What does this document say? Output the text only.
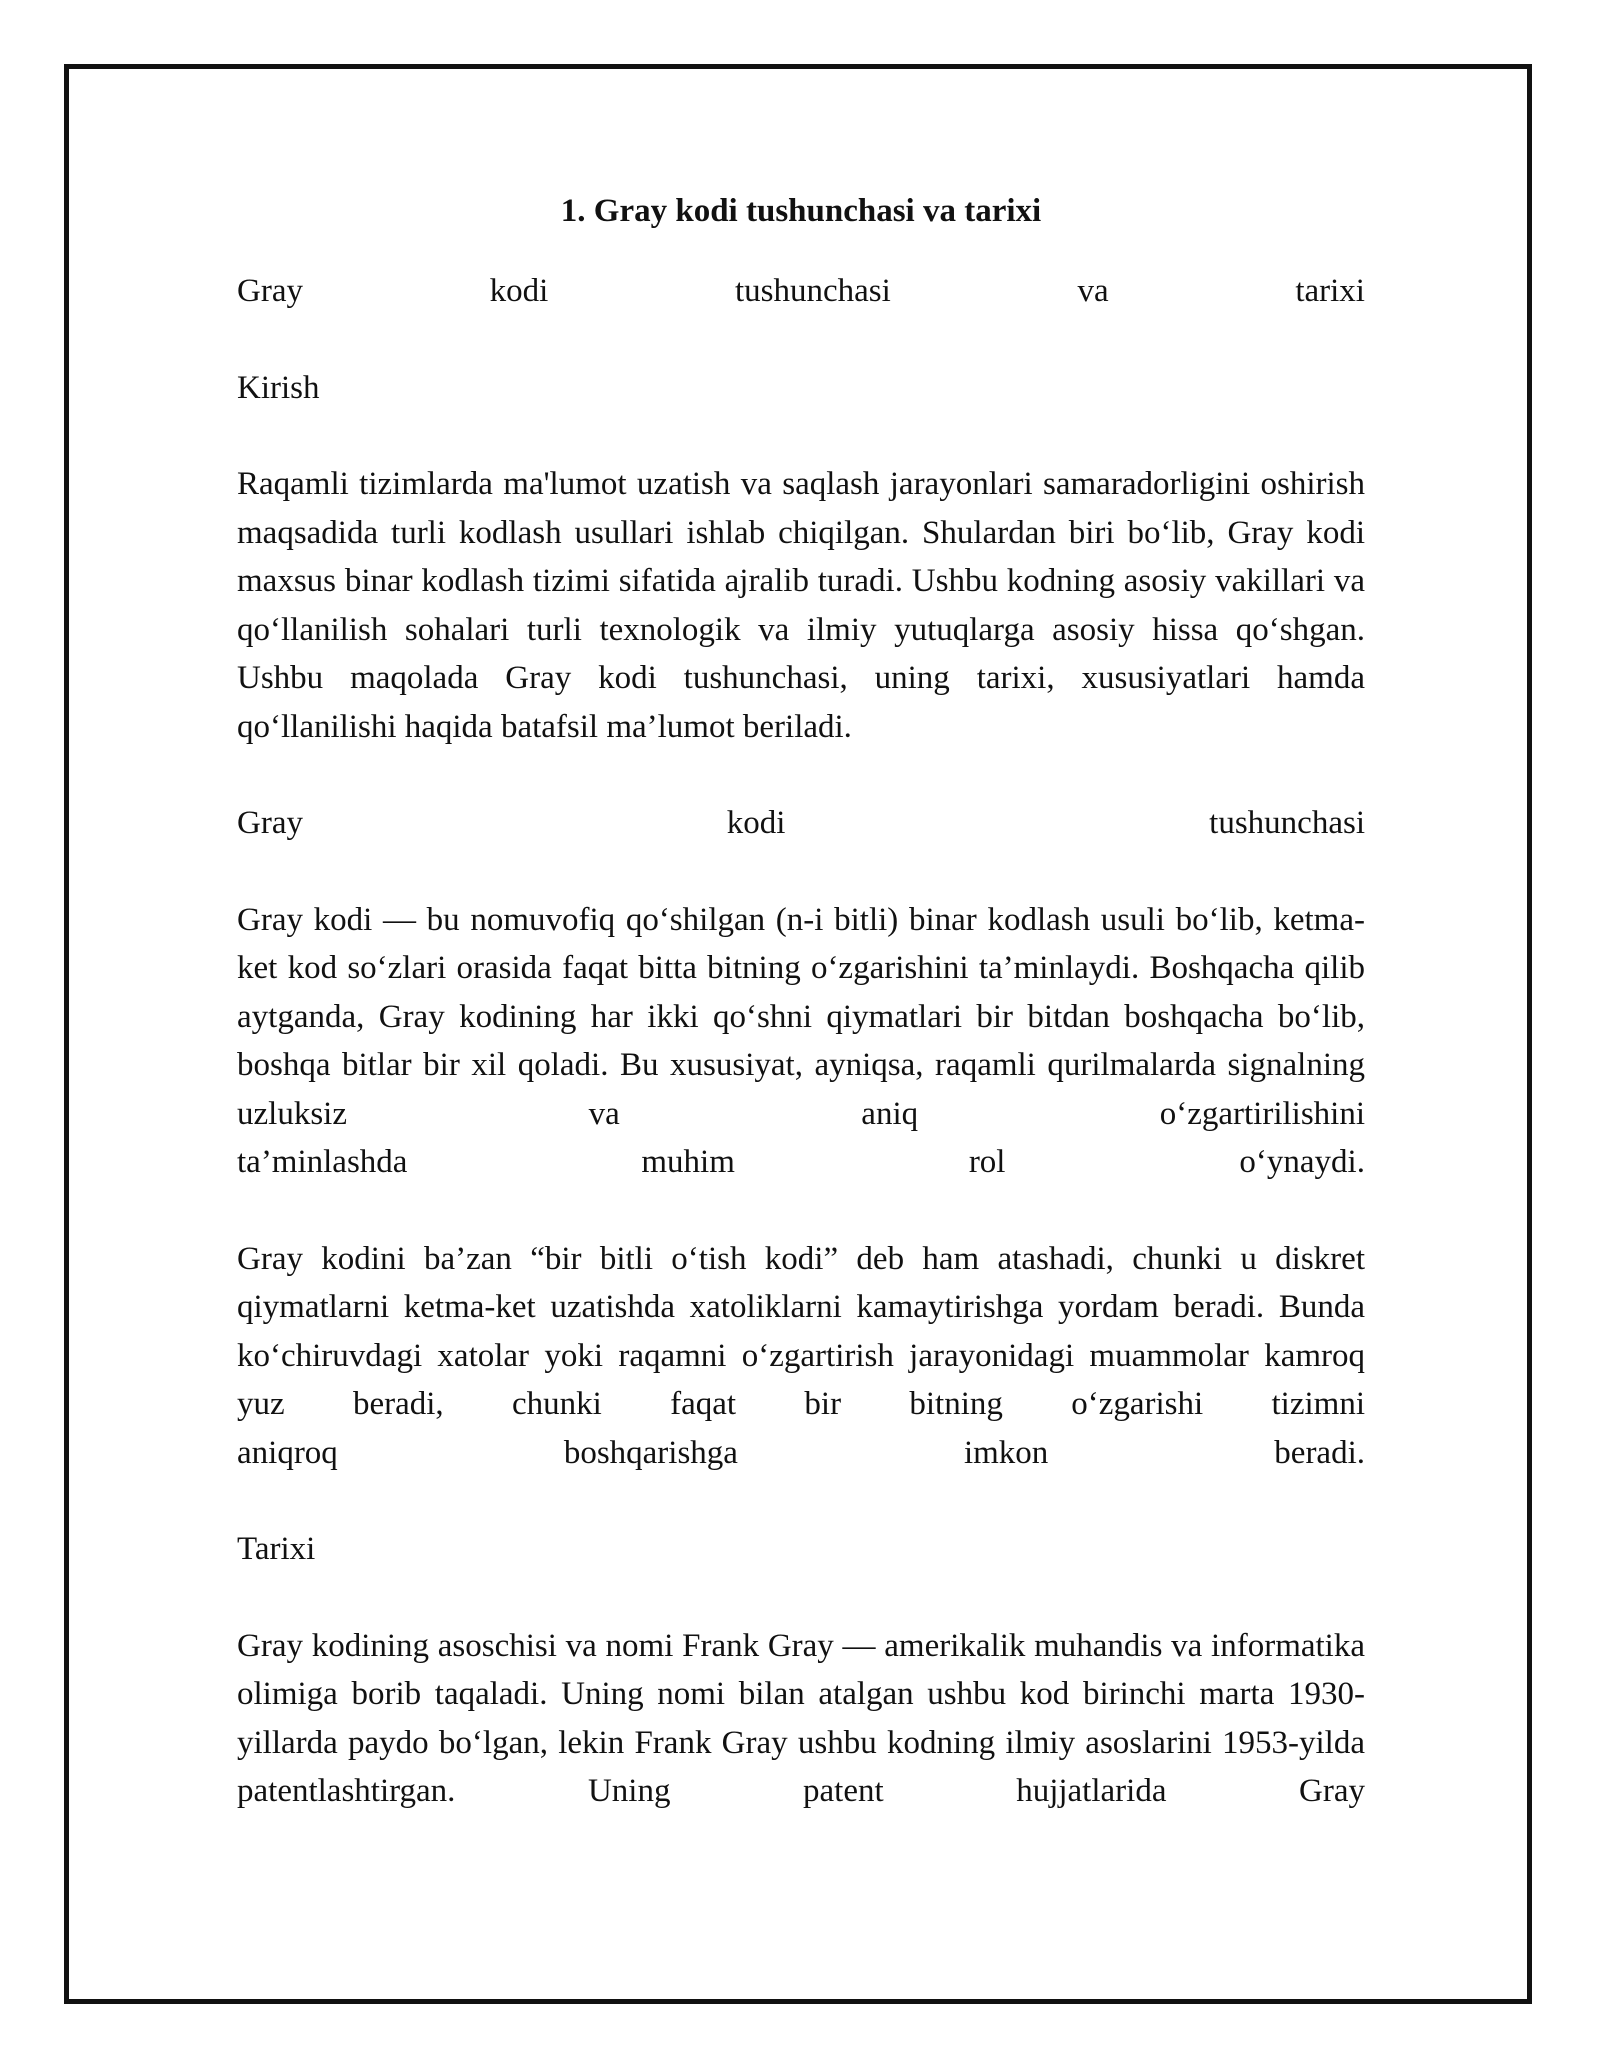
1. Gray kodi tushunchasi va tarixi
Gray	kodi	tushunchasi	va	tarixi
Kirish
Raqamli tizimlarda ma'lumot uzatish va saqlash jarayonlari samaradorligini oshirish maqsadida turli kodlash usullari ishlab chiqilgan. Shulardan biri bo‘lib, Gray kodi maxsus binar kodlash tizimi sifatida ajralib turadi. Ushbu kodning asosiy vakillari va qo‘llanilish sohalari turli texnologik va ilmiy yutuqlarga asosiy hissa qo‘shgan. Ushbu maqolada Gray kodi tushunchasi, uning tarixi, xususiyatlari hamda qo‘llanilishi haqida batafsil ma’lumot beriladi.
Gray	kodi	tushunchasi
Gray kodi — bu nomuvofiq qo‘shilgan (n-i bitli) binar kodlash usuli bo‘lib, ketma-ket kod so‘zlari orasida faqat bitta bitning o‘zgarishini ta’minlaydi. Boshqacha qilib aytganda, Gray kodining har ikki qo‘shni qiymatlari bir bitdan boshqacha bo‘lib, boshqa bitlar bir xil qoladi. Bu xususiyat, ayniqsa, raqamli qurilmalarda signalning uzluksiz va aniq o‘zgartirilishini
ta’minlashda	muhim	rol	o‘ynaydi.
Gray kodini ba’zan “bir bitli o‘tish kodi” deb ham atashadi, chunki u diskret qiymatlarni ketma-ket uzatishda xatoliklarni kamaytirishga yordam beradi. Bunda ko‘chiruvdagi xatolar yoki raqamni o‘zgartirish jarayonidagi muammolar kamroq yuz beradi, chunki faqat bir bitning o‘zgarishi tizimni
aniqroq	boshqarishga	imkon	beradi.
Tarixi
Gray kodining asoschisi va nomi Frank Gray — amerikalik muhandis va informatika olimiga borib taqaladi. Uning nomi bilan atalgan ushbu kod birinchi marta 1930-yillarda paydo bo‘lgan, lekin Frank Gray ushbu kodning ilmiy asoslarini 1953-yilda patentlashtirgan. Uning patent hujjatlarida Gray
